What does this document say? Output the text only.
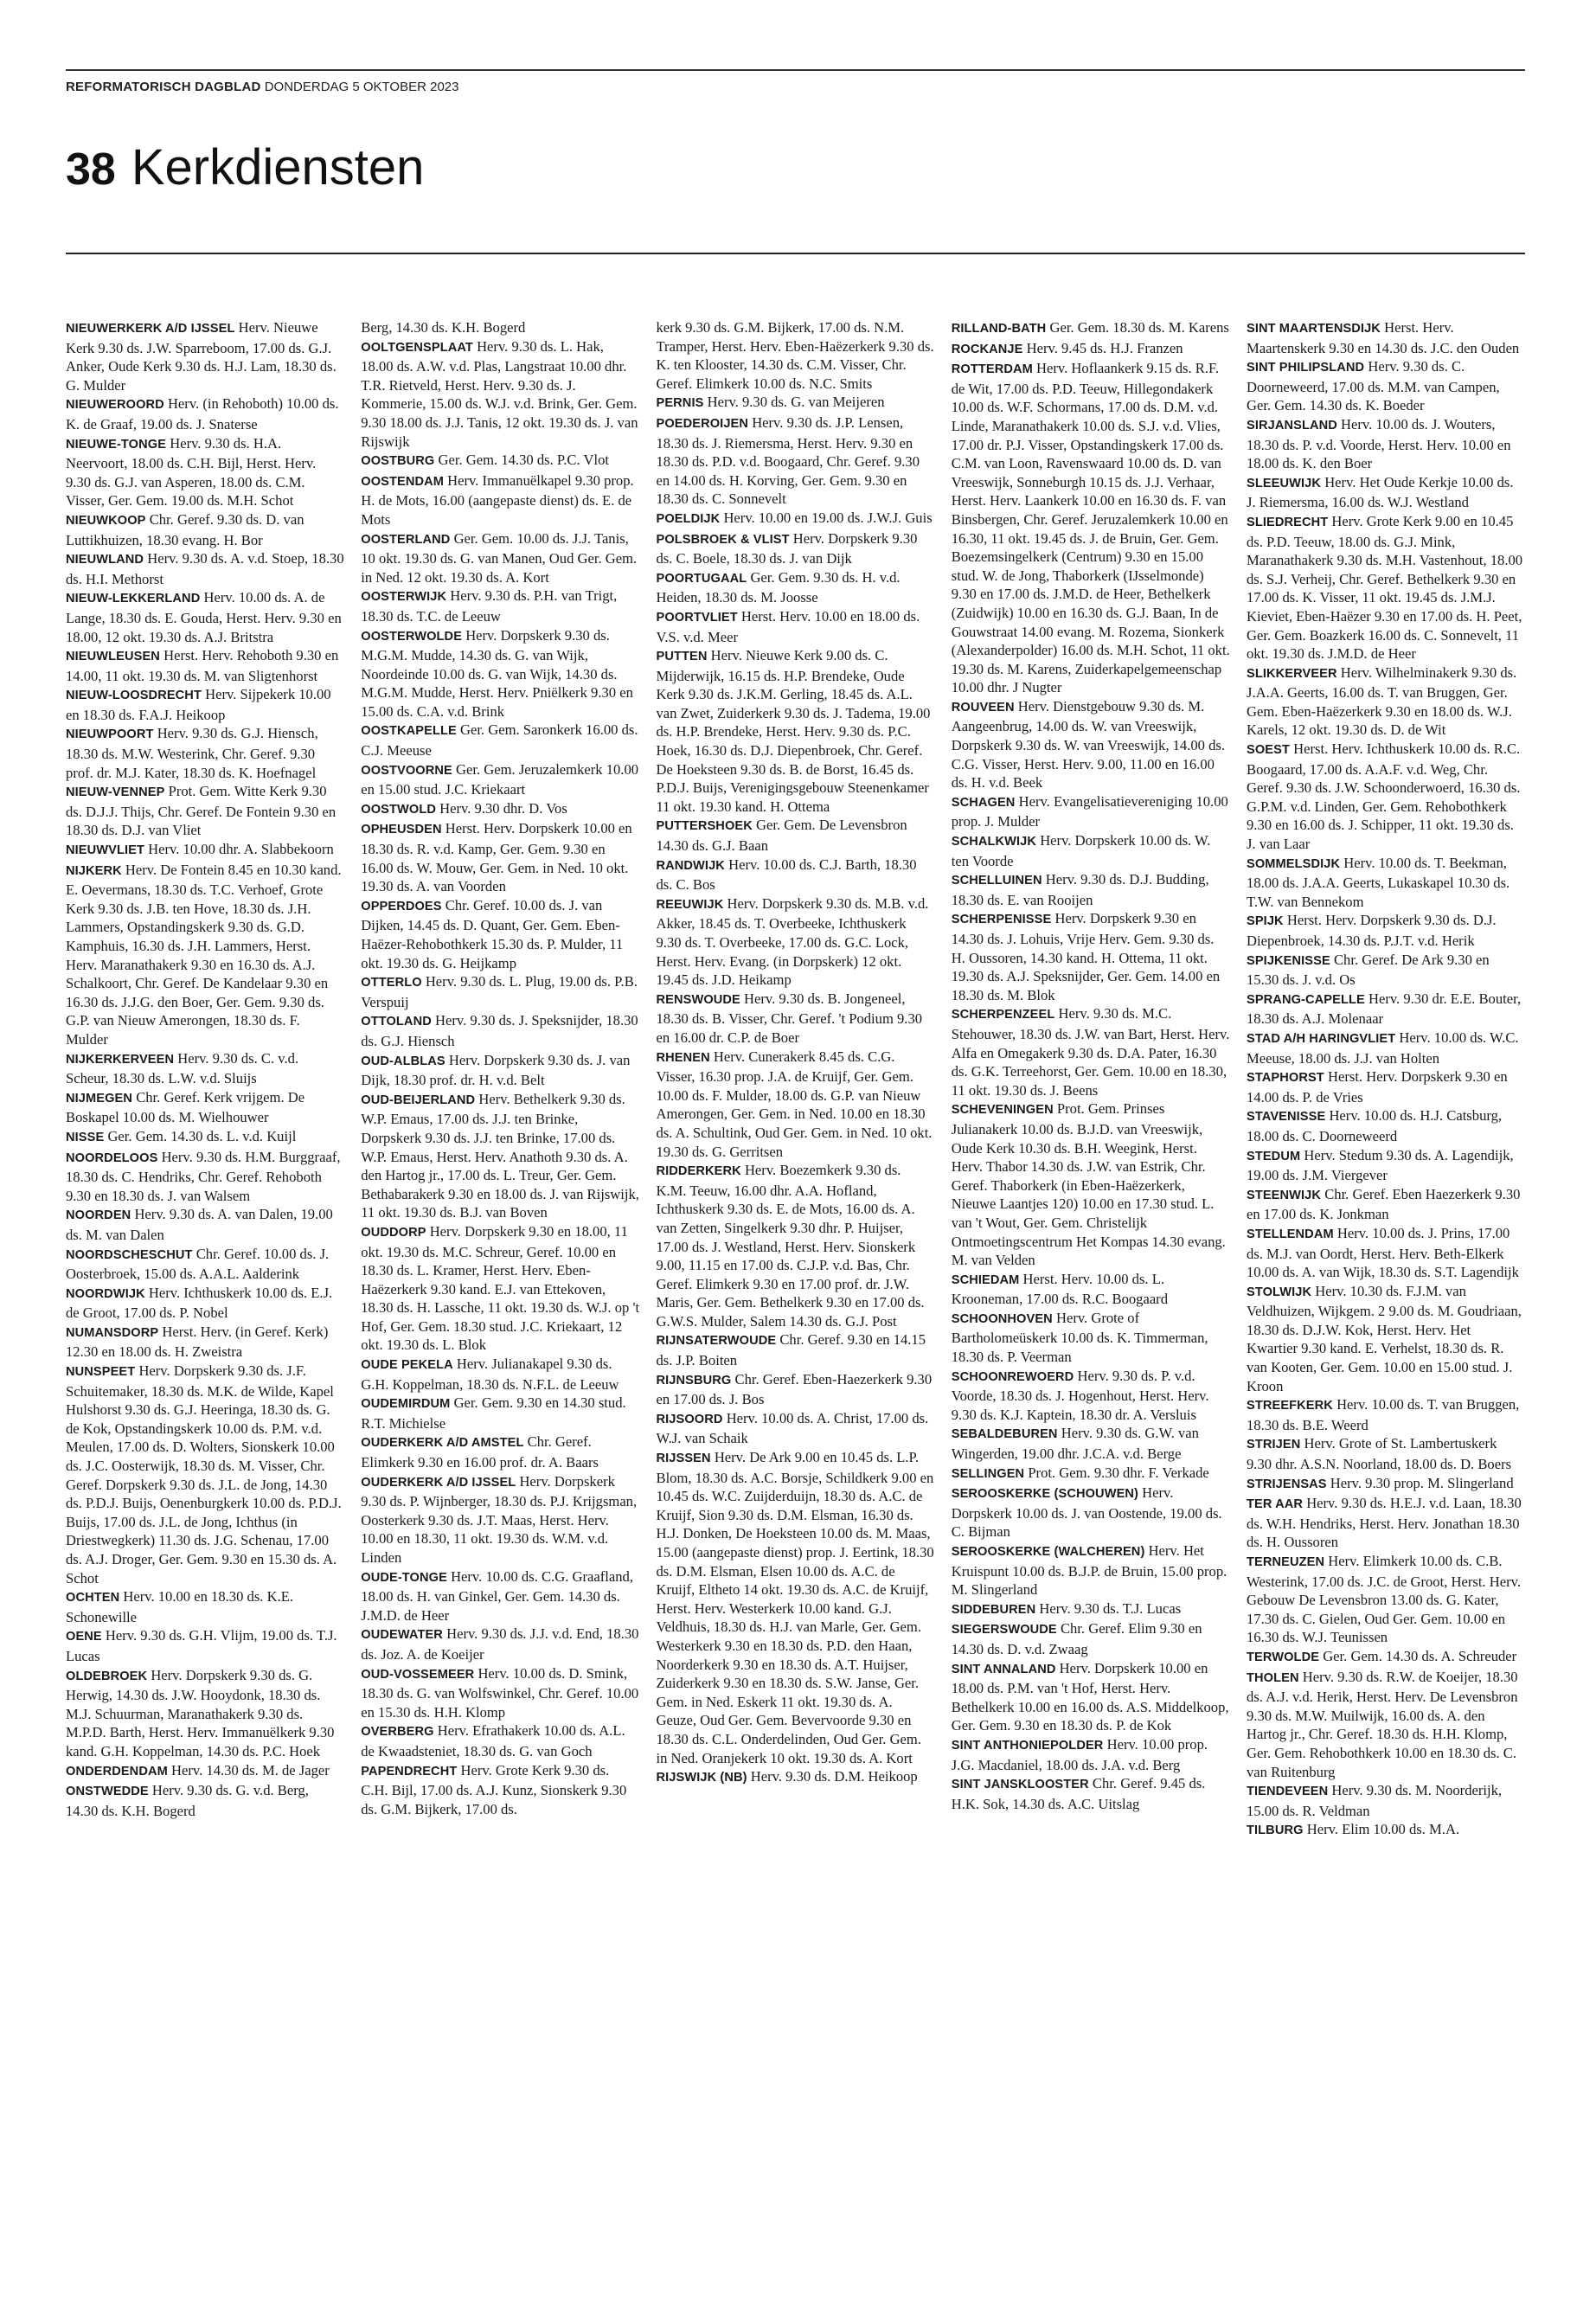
REFORMATORISCH DAGBLAD DONDERDAG 5 OKTOBER 2023
38 Kerkdiensten

NIEUWERKERK A/D IJSSEL Herv. Nieuwe Kerk 9.30 ds. J.W. Sparreboom, 17.00 ds. G.J. Anker, Oude Kerk 9.30 ds. H.J. Lam, 18.30 ds. G. Mulder

NIEUWEROORD Herv. (in Rehoboth) 10.00 ds. K. de Graaf, 19.00 ds. J. Snaterse

NIEUWE-TONGE Herv. 9.30 ds. H.A. Neervoort, 18.00 ds. C.H. Bijl, Herst. Herv. 9.30 ds. G.J. van Asperen, 18.00 ds. C.M. Visser, Ger. Gem. 19.00 ds. M.H. Schot

NIEUWKOOP Chr. Geref. 9.30 ds. D. van Luttikhuizen, 18.30 evang. H. Bor

NIEUWLAND Herv. 9.30 ds. A. v.d. Stoep, 18.30 ds. H.I. Methorst

NIEUW-LEKKERLAND Herv. 10.00 ds. A. de Lange, 18.30 ds. E. Gouda, Herst. Herv. 9.30 en 18.00, 12 okt. 19.30 ds. A.J. Britstra

NIEUWLEUSEN Herst. Herv. Rehoboth 9.30 en 14.00, 11 okt. 19.30 ds. M. van Sligtenhorst

NIEUW-LOOSDRECHT Herv. Sijpekerk 10.00 en 18.30 ds. F.A.J. Heikoop

NIEUWPOORT Herv. 9.30 ds. G.J. Hiensch, 18.30 ds. M.W. Westerink, Chr. Geref. 9.30 prof. dr. M.J. Kater, 18.30 ds. K. Hoefnagel

NIEUW-VENNEP Prot. Gem. Witte Kerk 9.30 ds. D.J.J. Thijs, Chr. Geref. De Fontein 9.30 en 18.30 ds. D.J. van Vliet

NIEUWVLIET Herv. 10.00 dhr. A. Slabbekoorn

NIJKERK Herv. De Fontein 8.45 en 10.30 kand. E. Oevermans, 18.30 ds. T.C. Verhoef, Grote Kerk 9.30 ds. J.B. ten Hove, 18.30 ds. J.H. Lammers, Opstandingskerk 9.30 ds. G.D. Kamphuis, 16.30 ds. J.H. Lammers, Herst. Herv. Maranathakerk 9.30 en 16.30 ds. A.J. Schalkoort, Chr. Geref. De Kandelaar 9.30 en 16.30 ds. J.J.G. den Boer, Ger. Gem. 9.30 ds. G.P. van Nieuw Amerongen, 18.30 ds. F. Mulder

NIJKERKERVEEN Herv. 9.30 ds. C. v.d. Scheur, 18.30 ds. L.W. v.d. Sluijs

NIJMEGEN Chr. Geref. Kerk vrijgem. De Boskapel 10.00 ds. M. Wielhouwer

NISSE Ger. Gem. 14.30 ds. L. v.d. Kuijl

NOORDELOOS Herv. 9.30 ds. H.M. Burggraaf, 18.30 ds. C. Hendriks, Chr. Geref. Rehoboth 9.30 en 18.30 ds. J. van Walsem

NOORDEN Herv. 9.30 ds. A. van Dalen, 19.00 ds. M. van Dalen

NOORDSCHESCHUT Chr. Geref. 10.00 ds. J. Oosterbroek, 15.00 ds. A.A.L. Aalderink

NOORDWIJK Herv. Ichthuskerk 10.00 ds. E.J. de Groot, 17.00 ds. P. Nobel

NUMANSDORP Herst. Herv. (in Geref. Kerk) 12.30 en 18.00 ds. H. Zweistra

NUNSPEET Herv. Dorpskerk 9.30 ds. J.F. Schuitemaker, 18.30 ds. M.K. de Wilde, Kapel Hulshorst 9.30 ds. G.J. Heeringa, 18.30 ds. G. de Kok, Opstandingskerk 10.00 ds. P.M. v.d. Meulen, 17.00 ds. D. Wolters, Sionskerk 10.00 ds. J.C. Oosterwijk, 18.30 ds. M. Visser, Chr. Geref. Dorpskerk 9.30 ds. J.L. de Jong, 14.30 ds. P.D.J. Buijs, Oenenburgkerk 10.00 ds. P.D.J. Buijs, 17.00 ds. J.L. de Jong, Ichthus (in Driestwegkerk) 11.30 ds. J.G. Schenau, 17.00 ds. A.J. Droger, Ger. Gem. 9.30 en 15.30 ds. A. Schot

OCHTEN Herv. 10.00 en 18.30 ds. K.E. Schonewille

OENE Herv. 9.30 ds. G.H. Vlijm, 19.00 ds. T.J. Lucas

OLDEBROEK Herv. Dorpskerk 9.30 ds. G. Herwig, 14.30 ds. J.W. Hooydonk, 18.30 ds. M.J. Schuurman, Maranathakerk 9.30 ds. M.P.D. Barth, Herst. Herv. Immanuëlkerk 9.30 kand. G.H. Koppelman, 14.30 ds. P.C. Hoek

ONDERDENDAM Herv. 14.30 ds. M. de Jager

ONSTWEDDE Herv. 9.30 ds. G. v.d. Berg, 14.30 ds. K.H. Bogerd

Berg, 14.30 ds. K.H. Bogerd

OOLTGENSPLAAT Herv. 9.30 ds. L. Hak, 18.00 ds. A.W. v.d. Plas, Langstraat 10.00 dhr. T.R. Rietveld, Herst. Herv. 9.30 ds. J. Kommerie, 15.00 ds. W.J. v.d. Brink, Ger. Gem. 9.30 18.00 ds. J.J. Tanis, 12 okt. 19.30 ds. J. van Rijswijk

OOSTBURG Ger. Gem. 14.30 ds. P.C. Vlot

OOSTENDAM Herv. Immanuëlkapel 9.30 prop. H. de Mots, 16.00 (aangepaste dienst) ds. E. de Mots

OOSTERLAND Ger. Gem. 10.00 ds. J.J. Tanis, 10 okt. 19.30 ds. G. van Manen, Oud Ger. Gem. in Ned. 12 okt. 19.30 ds. A. Kort

OOSTERWIJK Herv. 9.30 ds. P.H. van Trigt, 18.30 ds. T.C. de Leeuw

OOSTERWOLDE Herv. Dorpskerk 9.30 ds. M.G.M. Mudde, 14.30 ds. G. van Wijk, Noordeinde 10.00 ds. G. van Wijk, 14.30 ds. M.G.M. Mudde, Herst. Herv. Pniëlkerk 9.30 en 15.00 ds. C.A. v.d. Brink

OOSTKAPELLE Ger. Gem. Saronkerk 16.00 ds. C.J. Meeuse

OOSTVOORNE Ger. Gem. Jeruzalemkerk 10.00 en 15.00 stud. J.C. Kriekaart

OOSTWOLD Herv. 9.30 dhr. D. Vos

OPHEUSDEN Herst. Herv. Dorpskerk 10.00 en 18.30 ds. R. v.d. Kamp, Ger. Gem. 9.30 en 16.00 ds. W. Mouw, Ger. Gem. in Ned. 10 okt. 19.30 ds. A. van Voorden

OPPERDOES Chr. Geref. 10.00 ds. J. van Dijken, 14.45 ds. D. Quant, Ger. Gem. Eben-Haëzer-Rehobothkerk 15.30 ds. P. Mulder, 11 okt. 19.30 ds. G. Heijkamp

OTTERLO Herv. 9.30 ds. L. Plug, 19.00 ds. P.B. Verspuij

OTTOLAND Herv. 9.30 ds. J. Speksnijder, 18.30 ds. G.J. Hiensch

OUD-ALBLAS Herv. Dorpskerk 9.30 ds. J. van Dijk, 18.30 prof. dr. H. v.d. Belt

OUD-BEIJERLAND Herv. Bethelkerk 9.30 ds. W.P. Emaus, 17.00 ds. J.J. ten Brinke, Dorpskerk 9.30 ds. J.J. ten Brinke, 17.00 ds. W.P. Emaus, Herst. Herv. Anathoth 9.30 ds. A. den Hartog jr., 17.00 ds. L. Treur, Ger. Gem. Bethabarakerk 9.30 en 18.00 ds. J. van Rijswijk, 11 okt. 19.30 ds. B.J. van Boven

OUDDORP Herv. Dorpskerk 9.30 en 18.00, 11 okt. 19.30 ds. M.C. Schreur, Geref. 10.00 en 18.30 ds. L. Kramer, Herst. Herv. Eben-Haëzerkerk 9.30 kand. E.J. van Ettekoven, 18.30 ds. H. Lassche, 11 okt. 19.30 ds. W.J. op 't Hof, Ger. Gem. 18.30 stud. J.C. Kriekaart, 12 okt. 19.30 ds. L. Blok

OUDE PEKELA Herv. Julianakapel 9.30 ds. G.H. Koppelman, 18.30 ds. N.F.L. de Leeuw

OUDEMIRDUM Ger. Gem. 9.30 en 14.30 stud. R.T. Michielse

OUDERKERK A/D AMSTEL Chr. Geref. Elimkerk 9.30 en 16.00 prof. dr. A. Baars

OUDERKERK A/D IJSSEL Herv. Dorpskerk 9.30 ds. P. Wijnberger, 18.30 ds. P.J. Krijgsman, Oosterkerk 9.30 ds. J.T. Maas, Herst. Herv. 10.00 en 18.30, 11 okt. 19.30 ds. W.M. v.d. Linden

OUDE-TONGE Herv. 10.00 ds. C.G. Graafland, 18.00 ds. H. van Ginkel, Ger. Gem. 14.30 ds. J.M.D. de Heer

OUDEWATER Herv. 9.30 ds. J.J. v.d. End, 18.30 ds. Joz. A. de Koeijer

OUD-VOSSEMEER Herv. 10.00 ds. D. Smink, 18.30 ds. G. van Wolfswinkel, Chr. Geref. 10.00 en 15.30 ds. H.H. Klomp

OVERBERG Herv. Efrathakerk 10.00 ds. A.L. de Kwaadsteniet, 18.30 ds. G. van Goch

PAPENDRECHT Herv. Grote Kerk 9.30 ds. C.H. Bijl, 17.00 ds. A.J. Kunz, Sionskerk 9.30 ds. G.M. Bijkerk, 17.00 ds.

kerk 9.30 ds. G.M. Bijkerk, 17.00 ds. N.M. Tramper, Herst. Herv. Eben-Haëzerkerk 9.30 ds. K. ten Klooster, 14.30 ds. C.M. Visser, Chr. Geref. Elimkerk 10.00 ds. N.C. Smits

PERNIS Herv. 9.30 ds. G. van Meijeren

POEDEROIJEN Herv. 9.30 ds. J.P. Lensen, 18.30 ds. J. Riemersma, Herst. Herv. 9.30 en 18.30 ds. P.D. v.d. Boogaard, Chr. Geref. 9.30 en 14.00 ds. H. Korving, Ger. Gem. 9.30 en 18.30 ds. C. Sonnevelt

POELDIJK Herv. 10.00 en 19.00 ds. J.W.J. Guis

POLSBROEK & VLIST Herv. Dorpskerk 9.30 ds. C. Boele, 18.30 ds. J. van Dijk

POORTUGAAL Ger. Gem. 9.30 ds. H. v.d. Heiden, 18.30 ds. M. Joosse

POORTVLIET Herst. Herv. 10.00 en 18.00 ds. V.S. v.d. Meer

PUTTEN Herv. Nieuwe Kerk 9.00 ds. C. Mijderwijk, 16.15 ds. H.P. Brendeke, Oude Kerk 9.30 ds. J.K.M. Gerling, 18.45 ds. A.L. van Zwet, Zuiderkerk 9.30 ds. J. Tadema, 19.00 ds. H.P. Brendeke, Herst. Herv. 9.30 ds. P.C. Hoek, 16.30 ds. D.J. Diepenbroek, Chr. Geref. De Hoeksteen 9.30 ds. B. de Borst, 16.45 ds. P.D.J. Buijs, Verenigingsgebouw Steenenkamer 11 okt. 19.30 kand. H. Ottema

PUTTERSHOEK Ger. Gem. De Levensbron 14.30 ds. G.J. Baan

RANDWIJK Herv. 10.00 ds. C.J. Barth, 18.30 ds. C. Bos

REEUWIJK Herv. Dorpskerk 9.30 ds. M.B. v.d. Akker, 18.45 ds. T. Overbeeke, Ichthuskerk 9.30 ds. T. Overbeeke, 17.00 ds. G.C. Lock, Herst. Herv. Evang. (in Dorpskerk) 12 okt. 19.45 ds. J.D. Heikamp

RENSWOUDE Herv. 9.30 ds. B. Jongeneel, 18.30 ds. B. Visser, Chr. Geref. 't Podium 9.30 en 16.00 dr. C.P. de Boer

RHENEN Herv. Cunerakerk 8.45 ds. C.G. Visser, 16.30 prop. J.A. de Kruijf, Ger. Gem. 10.00 ds. F. Mulder, 18.00 ds. G.P. van Nieuw Amerongen, Ger. Gem. in Ned. 10.00 en 18.30 ds. A. Schultink, Oud Ger. Gem. in Ned. 10 okt. 19.30 ds. G. Gerritsen

RIDDERKERK Herv. Boezemkerk 9.30 ds. K.M. Teeuw, 16.00 dhr. A.A. Hofland, Ichthuskerk 9.30 ds. E. de Mots, 16.00 ds. A. van Zetten, Singelkerk 9.30 dhr. P. Huijser, 17.00 ds. J. Westland, Herst. Herv. Sionskerk 9.00, 11.15 en 17.00 ds. C.J.P. v.d. Bas, Chr. Geref. Elimkerk 9.30 en 17.00 prof. dr. J.W. Maris, Ger. Gem. Bethelkerk 9.30 en 17.00 ds. G.W.S. Mulder, Salem 14.30 ds. G.J. Post

RIJNSATERWOUDE Chr. Geref. 9.30 en 14.15 ds. J.P. Boiten

RIJNSBURG Chr. Geref. Eben-Haezerkerk 9.30 en 17.00 ds. J. Bos

RIJSOORD Herv. 10.00 ds. A. Christ, 17.00 ds. W.J. van Schaik

RIJSSEN Herv. De Ark 9.00 en 10.45 ds. L.P. Blom, 18.30 ds. A.C. Borsje, Schildkerk 9.00 en 10.45 ds. W.C. Zuijderduijn, 18.30 ds. A.C. de Kruijf, Sion 9.30 ds. D.M. Elsman, 16.30 ds. H.J. Donken, De Hoeksteen 10.00 ds. M. Maas, 15.00 (aangepaste dienst) prop. J. Eertink, 18.30 ds. D.M. Elsman, Elsen 10.00 ds. A.C. de Kruijf, Eltheto 14 okt. 19.30 ds. A.C. de Kruijf, Herst. Herv. Westerkerk 10.00 kand. G.J. Veldhuis, 18.30 ds. H.J. van Marle, Ger. Gem. Westerkerk 9.30 en 18.30 ds. P.D. den Haan, Noorderkerk 9.30 en 18.30 ds. A.T. Huijser, Zuiderkerk 9.30 en 18.30 ds. S.W. Janse, Ger. Gem. in Ned. Eskerk 11 okt. 19.30 ds. A. Geuze, Oud Ger. Gem. Bevervoorde 9.30 en 18.30 ds. C.L. Onderdelinden, Oud Ger. Gem. in Ned. Oranjekerk 10 okt. 19.30 ds. A. Kort

RIJSWIJK (NB) Herv. 9.30 ds. D.M. Heikoop

RILLAND-BATH Ger. Gem. 18.30 ds. M. Karens

ROCKANJE Herv. 9.45 ds. H.J. Franzen

ROTTERDAM Herv. Hoflaankerk 9.15 ds. R.F. de Wit, 17.00 ds. P.D. Teeuw, Hillegondakerk 10.00 ds. W.F. Schormans, 17.00 ds. D.M. v.d. Linde, Maranathakerk 10.00 ds. S.J. v.d. Vlies, 17.00 dr. P.J. Visser, Opstandingskerk 17.00 ds. C.M. van Loon, Ravenswaard 10.00 ds. D. van Vreeswijk, Sonneburgh 10.15 ds. J.J. Verhaar, Herst. Herv. Laankerk 10.00 en 16.30 ds. F. van Binsbergen, Chr. Geref. Jeruzalemkerk 10.00 en 16.30, 11 okt. 19.45 ds. J. de Bruin, Ger. Gem. Boezemsingelkerk (Centrum) 9.30 en 15.00 stud. W. de Jong, Thaborkerk (IJsselmonde) 9.30 en 17.00 ds. J.M.D. de Heer, Bethelkerk (Zuidwijk) 10.00 en 16.30 ds. G.J. Baan, In de Gouwstraat 14.00 evang. M. Rozema, Sionkerk (Alexanderpolder) 16.00 ds. M.H. Schot, 11 okt. 19.30 ds. M. Karens, Zuiderkapelgemeenschap 10.00 dhr. J Nugter

ROUVEEN Herv. Dienstgebouw 9.30 ds. M. Aangeenbrug, 14.00 ds. W. van Vreeswijk, Dorpskerk 9.30 ds. W. van Vreeswijk, 14.00 ds. C.G. Visser, Herst. Herv. 9.00, 11.00 en 16.00 ds. H. v.d. Beek

SCHAGEN Herv. Evangelisatievereniging 10.00 prop. J. Mulder

SCHALKWIJK Herv. Dorpskerk 10.00 ds. W. ten Voorde

SCHELLUINEN Herv. 9.30 ds. D.J. Budding, 18.30 ds. E. van Rooijen

SCHERPENISSE Herv. Dorpskerk 9.30 en 14.30 ds. J. Lohuis, Vrije Herv. Gem. 9.30 ds. H. Oussoren, 14.30 kand. H. Ottema, 11 okt. 19.30 ds. A.J. Speksnijder, Ger. Gem. 14.00 en 18.30 ds. M. Blok

SCHERPENZEEL Herv. 9.30 ds. M.C. Stehouwer, 18.30 ds. J.W. van Bart, Herst. Herv. Alfa en Omegakerk 9.30 ds. D.A. Pater, 16.30 ds. G.K. Terreehorst, Ger. Gem. 10.00 en 18.30, 11 okt. 19.30 ds. J. Beens

SCHEVENINGEN Prot. Gem. Prinses Julianakerk 10.00 ds. B.J.D. van Vreeswijk, Oude Kerk 10.30 ds. B.H. Weegink, Herst. Herv. Thabor 14.30 ds. J.W. van Estrik, Chr. Geref. Thaborkerk (in Eben-Haëzerkerk, Nieuwe Laantjes 120) 10.00 en 17.30 stud. L. van 't Wout, Ger. Gem. Christelijk Ontmoetingscentrum Het Kompas 14.30 evang. M. van Velden

SCHIEDAM Herst. Herv. 10.00 ds. L. Krooneman, 17.00 ds. R.C. Boogaard

SCHOONHOVEN Herv. Grote of Bartholomeüskerk 10.00 ds. K. Timmerman, 18.30 ds. P. Veerman

SCHOONREWOERD Herv. 9.30 ds. P. v.d. Voorde, 18.30 ds. J. Hogenhout, Herst. Herv. 9.30 ds. K.J. Kaptein, 18.30 dr. A. Versluis

SEBALDEBUREN Herv. 9.30 ds. G.W. van Wingerden, 19.00 dhr. J.C.A. v.d. Berge

SELLINGEN Prot. Gem. 9.30 dhr. F. Verkade

SEROOSKERKE (SCHOUWEN) Herv. Dorpskerk 10.00 ds. J. van Oostende, 19.00 ds. C. Bijman

SEROOSKERKE (WALCHEREN) Herv. Het Kruispunt 10.00 ds. B.J.P. de Bruin, 15.00 prop. M. Slingerland

SIDDEBUREN Herv. 9.30 ds. T.J. Lucas

SIEGERSWOUDE Chr. Geref. Elim 9.30 en 14.30 ds. D. v.d. Zwaag

SINT ANNALAND Herv. Dorpskerk 10.00 en 18.00 ds. P.M. van 't Hof, Herst. Herv. Bethelkerk 10.00 en 16.00 ds. A.S. Middelkoop, Ger. Gem. 9.30 en 18.30 ds. P. de Kok

SINT ANTHONIEPOLDER Herv. 10.00 prop. J.G. Macdaniel, 18.00 ds. J.A. v.d. Berg

SINT JANSKLOOSTER Chr. Geref. 9.45 ds. H.K. Sok, 14.30 ds. A.C. Uitslag

SINT MAARTENSDIJK Herst. Herv. Maartenskerk 9.30 en 14.30 ds. J.C. den Ouden

SINT PHILIPSLAND Herv. 9.30 ds. C. Doorneweerd, 17.00 ds. M.M. van Campen, Ger. Gem. 14.30 ds. K. Boeder

SIRJANSLAND Herv. 10.00 ds. J. Wouters, 18.30 ds. P. v.d. Voorde, Herst. Herv. 10.00 en 18.00 ds. K. den Boer

SLEEUWIJK Herv. Het Oude Kerkje 10.00 ds. J. Riemersma, 16.00 ds. W.J. Westland

SLIEDRECHT Herv. Grote Kerk 9.00 en 10.45 ds. P.D. Teeuw, 18.00 ds. G.J. Mink, Maranathakerk 9.30 ds. M.H. Vastenhout, 18.00 ds. S.J. Verheij, Chr. Geref. Bethelkerk 9.30 en 17.00 ds. K. Visser, 11 okt. 19.45 ds. J.M.J. Kieviet, Eben-Haëzer 9.30 en 17.00 ds. H. Peet, Ger. Gem. Boazkerk 16.00 ds. C. Sonnevelt, 11 okt. 19.30 ds. J.M.D. de Heer

SLIKKERVEER Herv. Wilhelminakerk 9.30 ds. J.A.A. Geerts, 16.00 ds. T. van Bruggen, Ger. Gem. Eben-Haëzerkerk 9.30 en 18.00 ds. W.J. Karels, 12 okt. 19.30 ds. D. de Wit

SOEST Herst. Herv. Ichthuskerk 10.00 ds. R.C. Boogaard, 17.00 ds. A.A.F. v.d. Weg, Chr. Geref. 9.30 ds. J.W. Schoonderwoerd, 16.30 ds. G.P.M. v.d. Linden, Ger. Gem. Rehobothkerk 9.30 en 16.00 ds. J. Schipper, 11 okt. 19.30 ds. J. van Laar

SOMMELSDIJK Herv. 10.00 ds. T. Beekman, 18.00 ds. J.A.A. Geerts, Lukaskapel 10.30 ds. T.W. van Bennekom

SPIJK Herst. Herv. Dorpskerk 9.30 ds. D.J. Diepenbroek, 14.30 ds. P.J.T. v.d. Herik

SPIJKENISSE Chr. Geref. De Ark 9.30 en 15.30 ds. J. v.d. Os

SPRANG-CAPELLE Herv. 9.30 dr. E.E. Bouter, 18.30 ds. A.J. Molenaar

STAD A/H HARINGVLIET Herv. 10.00 ds. W.C. Meeuse, 18.00 ds. J.J. van Holten

STAPHORST Herst. Herv. Dorpskerk 9.30 en 14.00 ds. P. de Vries

STAVENISSE Herv. 10.00 ds. H.J. Catsburg, 18.00 ds. C. Doorneweerd

STEDUM Herv. Stedum 9.30 ds. A. Lagendijk, 19.00 ds. J.M. Viergever

STEENWIJK Chr. Geref. Eben Haezerkerk 9.30 en 17.00 ds. K. Jonkman

STELLENDAM Herv. 10.00 ds. J. Prins, 17.00 ds. M.J. van Oordt, Herst. Herv. Beth-Elkerk 10.00 ds. A. van Wijk, 18.30 ds. S.T. Lagendijk

STOLWIJK Herv. 10.30 ds. F.J.M. van Veldhuizen, Wijkgem. 2 9.00 ds. M. Goudriaan, 18.30 ds. D.J.W. Kok, Herst. Herv. Het Kwartier 9.30 kand. E. Verhelst, 18.30 ds. R. van Kooten, Ger. Gem. 10.00 en 15.00 stud. J. Kroon

STREEFKERK Herv. 10.00 ds. T. van Bruggen, 18.30 ds. B.E. Weerd

STRIJEN Herv. Grote of St. Lambertuskerk 9.30 dhr. A.S.N. Noorland, 18.00 ds. D. Boers

STRIJENSAS Herv. 9.30 prop. M. Slingerland

TER AAR Herv. 9.30 ds. H.E.J. v.d. Laan, 18.30 ds. W.H. Hendriks, Herst. Herv. Jonathan 18.30 ds. H. Oussoren

TERNEUZEN Herv. Elimkerk 10.00 ds. C.B. Westerink, 17.00 ds. J.C. de Groot, Herst. Herv. Gebouw De Levensbron 13.00 ds. G. Kater, 17.30 ds. C. Gielen, Oud Ger. Gem. 10.00 en 16.30 ds. W.J. Teunissen

TERWOLDE Ger. Gem. 14.30 ds. A. Schreuder

THOLEN Herv. 9.30 ds. R.W. de Koeijer, 18.30 ds. A.J. v.d. Herik, Herst. Herv. De Levensbron 9.30 ds. M.W. Muilwijk, 16.00 ds. A. den Hartog jr., Chr. Geref. 18.30 ds. H.H. Klomp, Ger. Gem. Rehobothkerk 10.00 en 18.30 ds. C. van Ruitenburg

TIENDEVEEN Herv. 9.30 ds. M. Noorderijk, 15.00 ds. R. Veldman

TILBURG Herv. Elim 10.00 ds. M.A.
